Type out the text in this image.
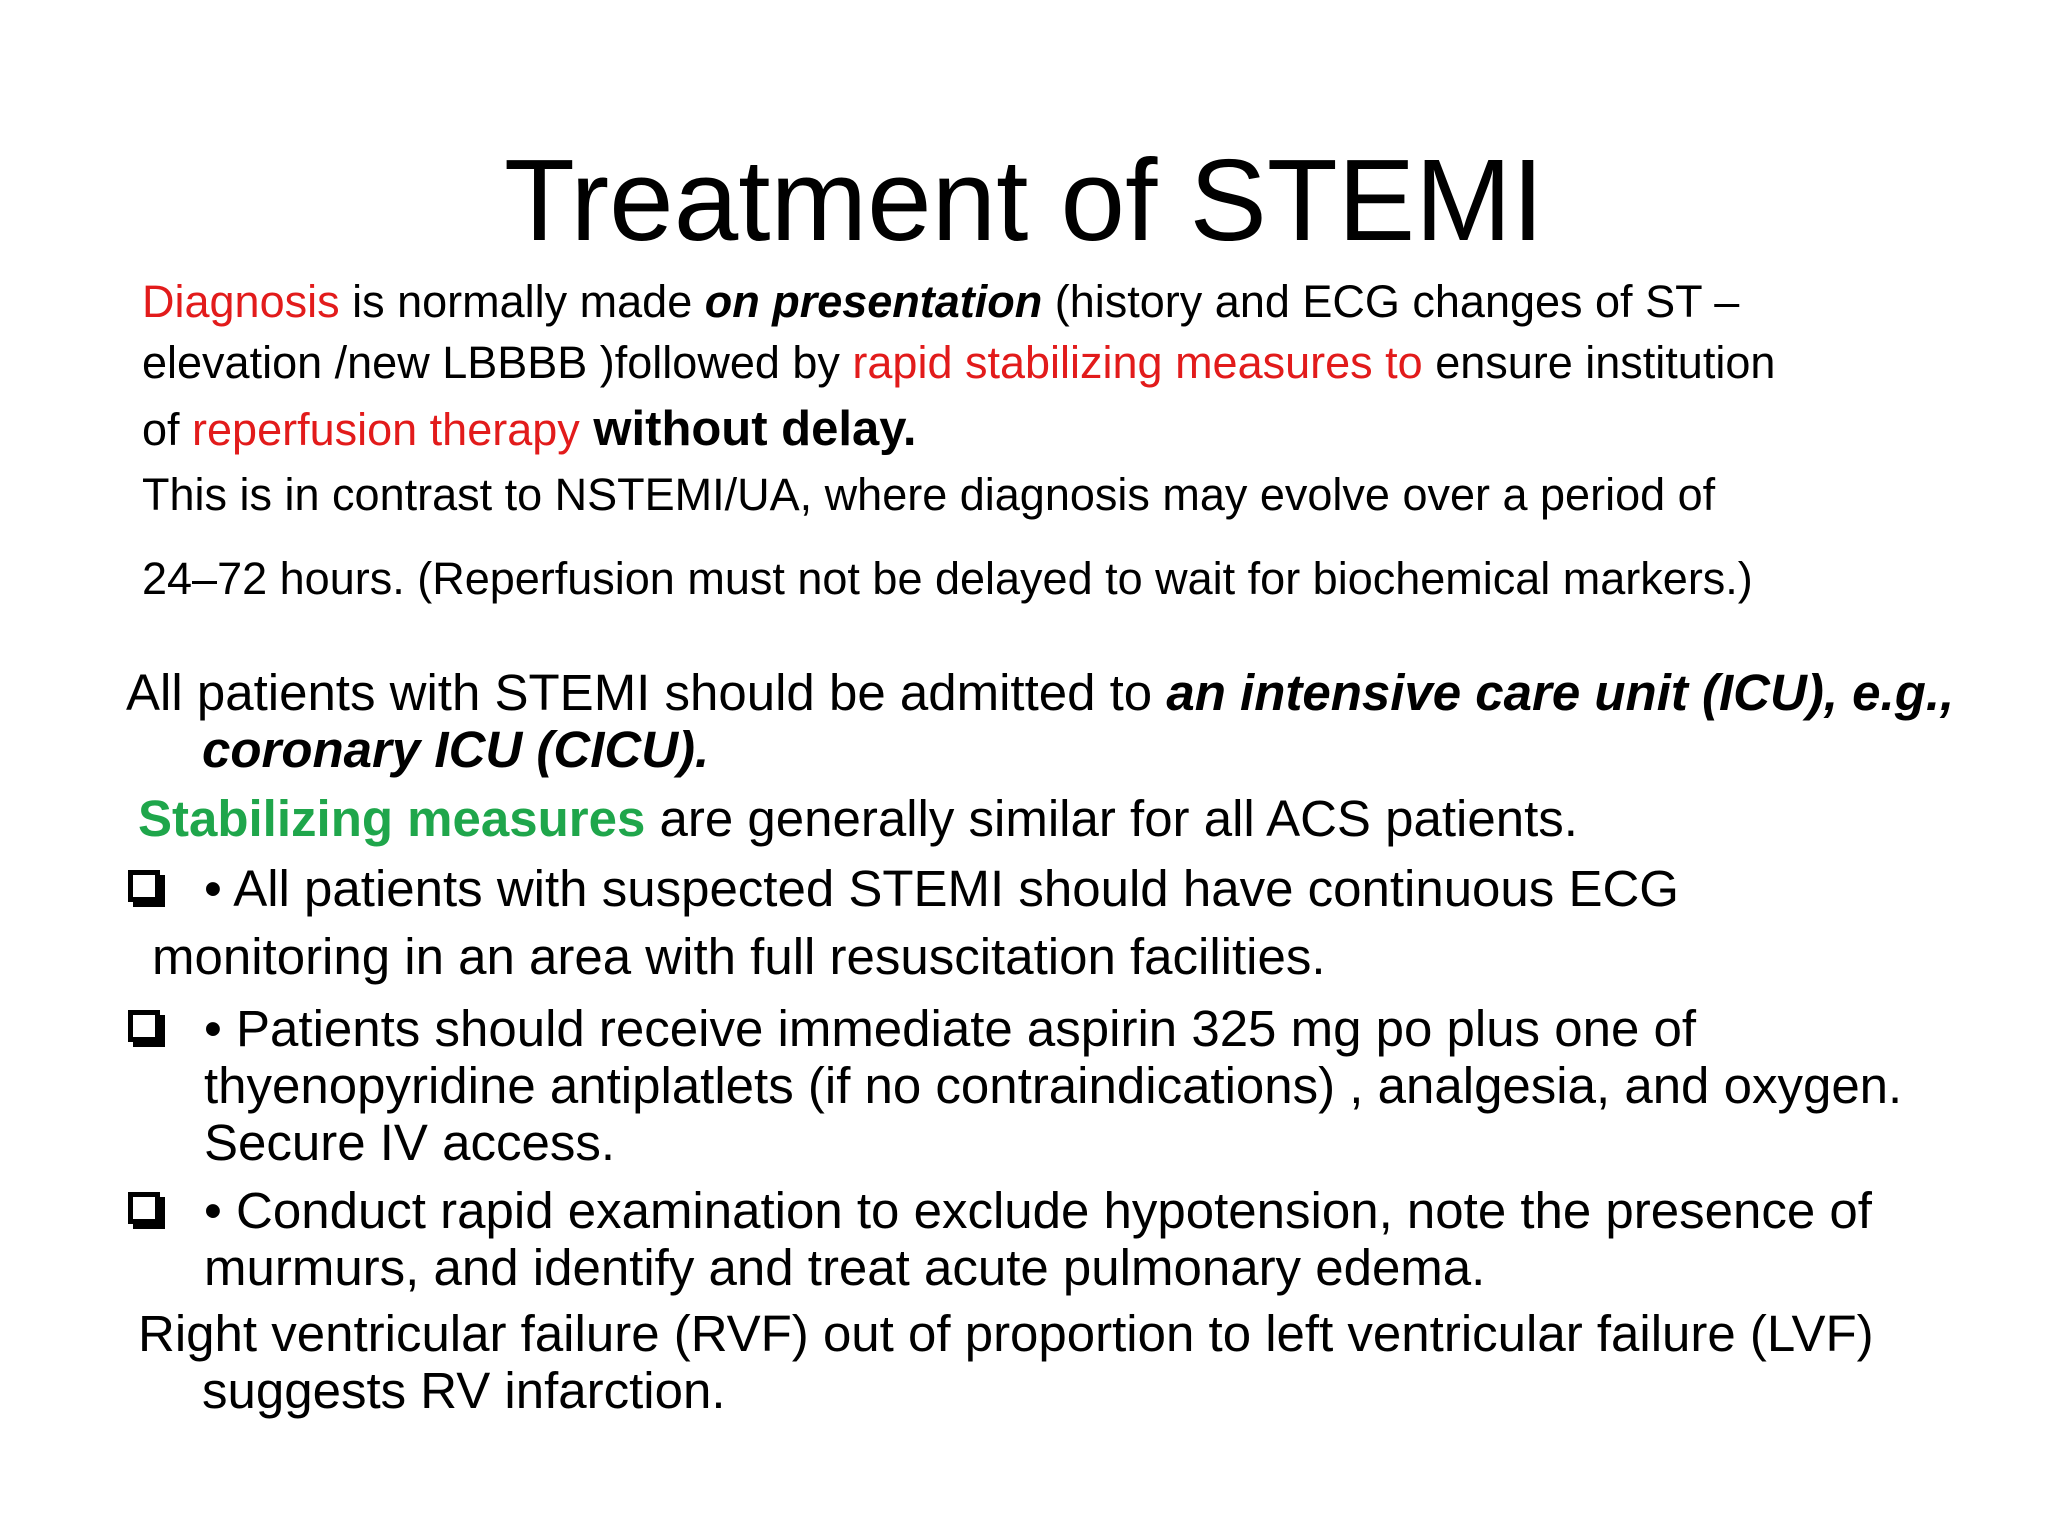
Treatment of STEMI
Diagnosis is normally made on presentation (history and ECG changes of ST –
elevation /new LBBBB )followed by rapid stabilizing measures to ensure institution
of reperfusion therapy without delay.
This is in contrast to NSTEMI/UA, where diagnosis may evolve over a period of
24–72 hours. (Reperfusion must not be delayed to wait for biochemical markers.)
All patients with STEMI should be admitted to an intensive care unit (ICU), e.g., coronary ICU (CICU).
Stabilizing measures are generally similar for all ACS patients.
• All patients with suspected STEMI should have continuous ECG
monitoring in an area with full resuscitation facilities.
• Patients should receive immediate aspirin 325 mg po plus one of thyenopyridine antiplatlets (if no contraindications) , analgesia, and oxygen. Secure IV access.
• Conduct rapid examination to exclude hypotension, note the presence of murmurs, and identify and treat acute pulmonary edema.
Right ventricular failure (RVF) out of proportion to left ventricular failure (LVF) suggests RV infarction.
